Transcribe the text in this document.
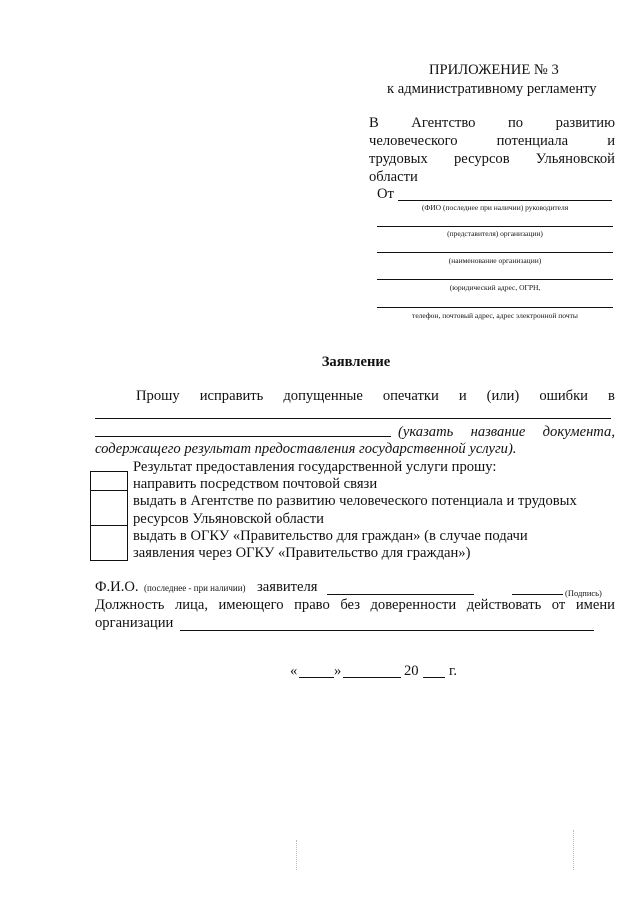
ПРИЛОЖЕНИЕ № 3
к административному регламенту
В Агентство по развитию
человеческого	потенциала	и
трудовых ресурсов Ульяновской
области
От
(ФИО (последнее при наличии) руководителя
(представителя) организации)
(наименование организации)
(юридический адрес, ОГРН,
телефон, почтовый адрес, адрес электронной почты
Заявление
Прошу исправить допущенные опечатки и (или) ошибки в
(указать название документа,
содержащего результат предоставления государственной услуги).
Результат предоставления государственной услуги прошу:
направить посредством почтовой связи
выдать в Агентстве по развитию человеческого потенциала и трудовых
ресурсов Ульяновской области
выдать в ОГКУ «Правительство для граждан» (в случае подачи
заявления через ОГКУ «Правительство для граждан»)
Ф.И.О. (последнее - при наличии) заявителя	(Подпись)
Должность лица, имеющего право без доверенности действовать от имени
организации
«	»	20 г.
